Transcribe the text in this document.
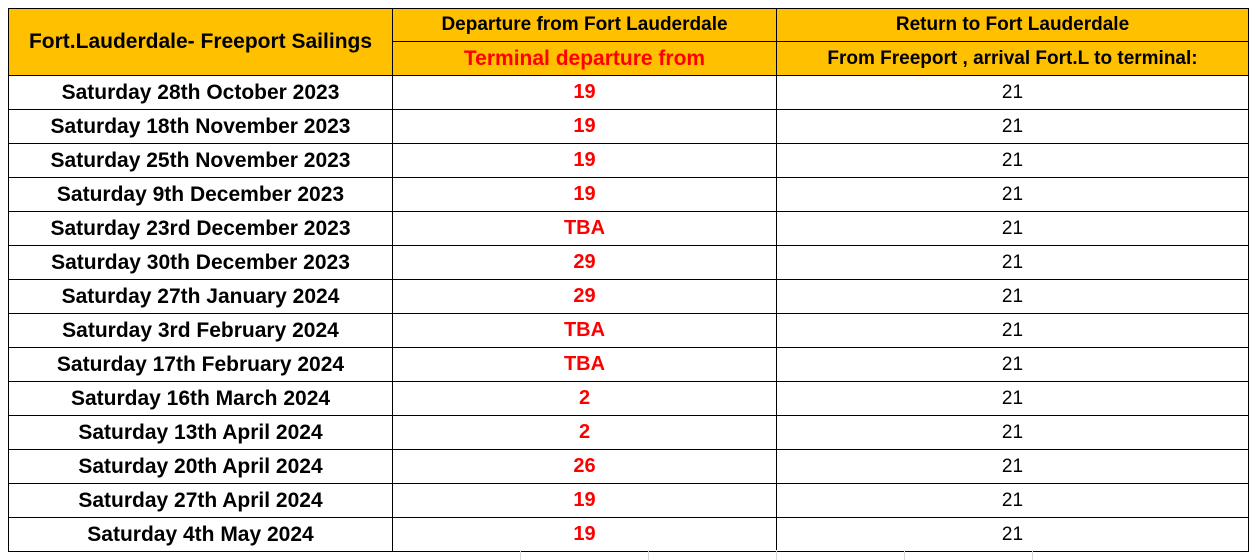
Fort.Lauderdale- Freeport Sailings	Departure from Fort Lauderdale	Return to Fort Lauderdale
	Terminal departure from	From Freeport , arrival Fort.L to terminal:
Saturday 28th October 2023	19	21
Saturday 18th November 2023	19	21
Saturday 25th November 2023	19	21
Saturday 9th December 2023	19	21
Saturday 23rd December 2023	TBA	21
Saturday 30th December 2023	29	21
Saturday 27th January 2024	29	21
Saturday 3rd February 2024	TBA	21
Saturday 17th February 2024	TBA	21
Saturday 16th March 2024	2	21
Saturday 13th April 2024	2	21
Saturday 20th April 2024	26	21
Saturday 27th April 2024	19	21
Saturday 4th May 2024	19	21
